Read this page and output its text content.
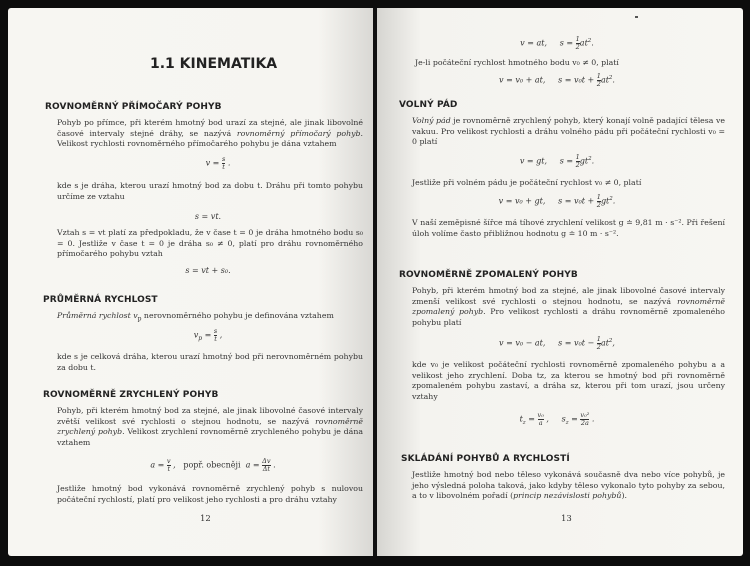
1.1 KINEMATIKA
ROVNOMĚRNÝ PŘÍMOČARÝ POHYB
Pohyb po přímce, při kterém hmotný bod urazí za stejné, ale jinak libovolné časové intervaly stejné dráhy, se nazývá rovnoměrný přímočarý pohyb. Velikost rychlosti rovnoměrného přímočarého pohybu je dána vztahem
$v = \frac{s}{t}$ .
kde s je dráha, kterou urazí hmotný bod za dobu t. Dráhu při tomto pohybu určíme ze vztahu
s = vt.
Vztah s = vt platí za předpokladu, že v čase t = 0 je dráha hmotného bodu s₀ = 0. Jestliže v čase t = 0 je dráha s₀ ≠ 0, platí pro dráhu rovnoměrného přímočarého pohybu vztah
s = vt + s₀.
PRŮMĚRNÁ RYCHLOST
Průměrná rychlost $v_p$ nerovnoměrného pohybu je definována vztahem
$v_p = \frac{s}{t}$ ,
kde s je celková dráha, kterou urazí hmotný bod při nerovnoměrném pohybu za dobu t.
ROVNOMĚRNĚ ZRYCHLENÝ POHYB
Pohyb, při kterém hmotný bod za stejné, ale jinak libovolné časové intervaly zvětší velikost své rychlosti o stejnou hodnotu, se nazývá rovnoměrně zrychlený pohyb. Velikost zrychlení rovnoměrně zrychleného pohybu je dána vztahem
$a = \frac{v}{t}$ ,   popř. obecněji $a = \frac{\Delta v}{\Delta t}$ .
Jestliže hmotný bod vykonává rovnoměrně zrychlený pohyb s nulovou počáteční rychlostí, platí pro velikost jeho rychlosti a pro dráhu vztahy
12
v = at,     $s = \frac{1}{2} at^2$.
Je-li počáteční rychlost hmotného bodu v₀ ≠ 0, platí
v = v₀ + at,     $s = v_0t + \frac{1}{2} at^2$.
VOLNÝ PÁD
Volný pád je rovnoměrně zrychlený pohyb, který konají volně padající tělesa ve vakuu. Pro velikost rychlosti a dráhu volného pádu při počáteční rychlosti v₀ = 0 platí
v = gt,     $s = \frac{1}{2} gt^2$.
Jestliže při volném pádu je počáteční rychlost v₀ ≠ 0, platí
v = v₀ + gt,     $s = v_0t + \frac{1}{2} gt^2$.
V naší zeměpisné šířce má tíhové zrychlení velikost g ≐ 9,81 m · s⁻². Při řešení úloh volíme často přibližnou hodnotu g ≐ 10 m · s⁻².
ROVNOMĚRNĚ ZPOMALENÝ POHYB
Pohyb, při kterém hmotný bod za stejné, ale jinak libovolné časové intervaly zmenší velikost své rychlosti o stejnou hodnotu, se nazývá rovnoměrně zpomalený pohyb. Pro velikost rychlosti a dráhu rovnoměrně zpomaleného pohybu platí
v = v₀ − at,     $s = v_0t - \frac{1}{2} at^2$,
kde v₀ je velikost počáteční rychlosti rovnoměrně zpomaleného pohybu a a velikost jeho zrychlení. Doba tz, za kterou se hmotný bod při rovnoměrně zpomaleném pohybu zastaví, a dráha sz, kterou při tom urazí, jsou určeny vztahy
$t_z = \frac{\text{v₀}}{a}$ ,     $s_z = \frac{\text{v₀²}}{2a}$ .
SKLÁDÁNÍ POHYBŮ A RYCHLOSTÍ
Jestliže hmotný bod nebo těleso vykonává současně dva nebo více pohybů, je jeho výsledná poloha taková, jako kdyby těleso vykonalo tyto pohyby za sebou, a to v libovolném pořadí (princip nezávislosti pohybů).
13
